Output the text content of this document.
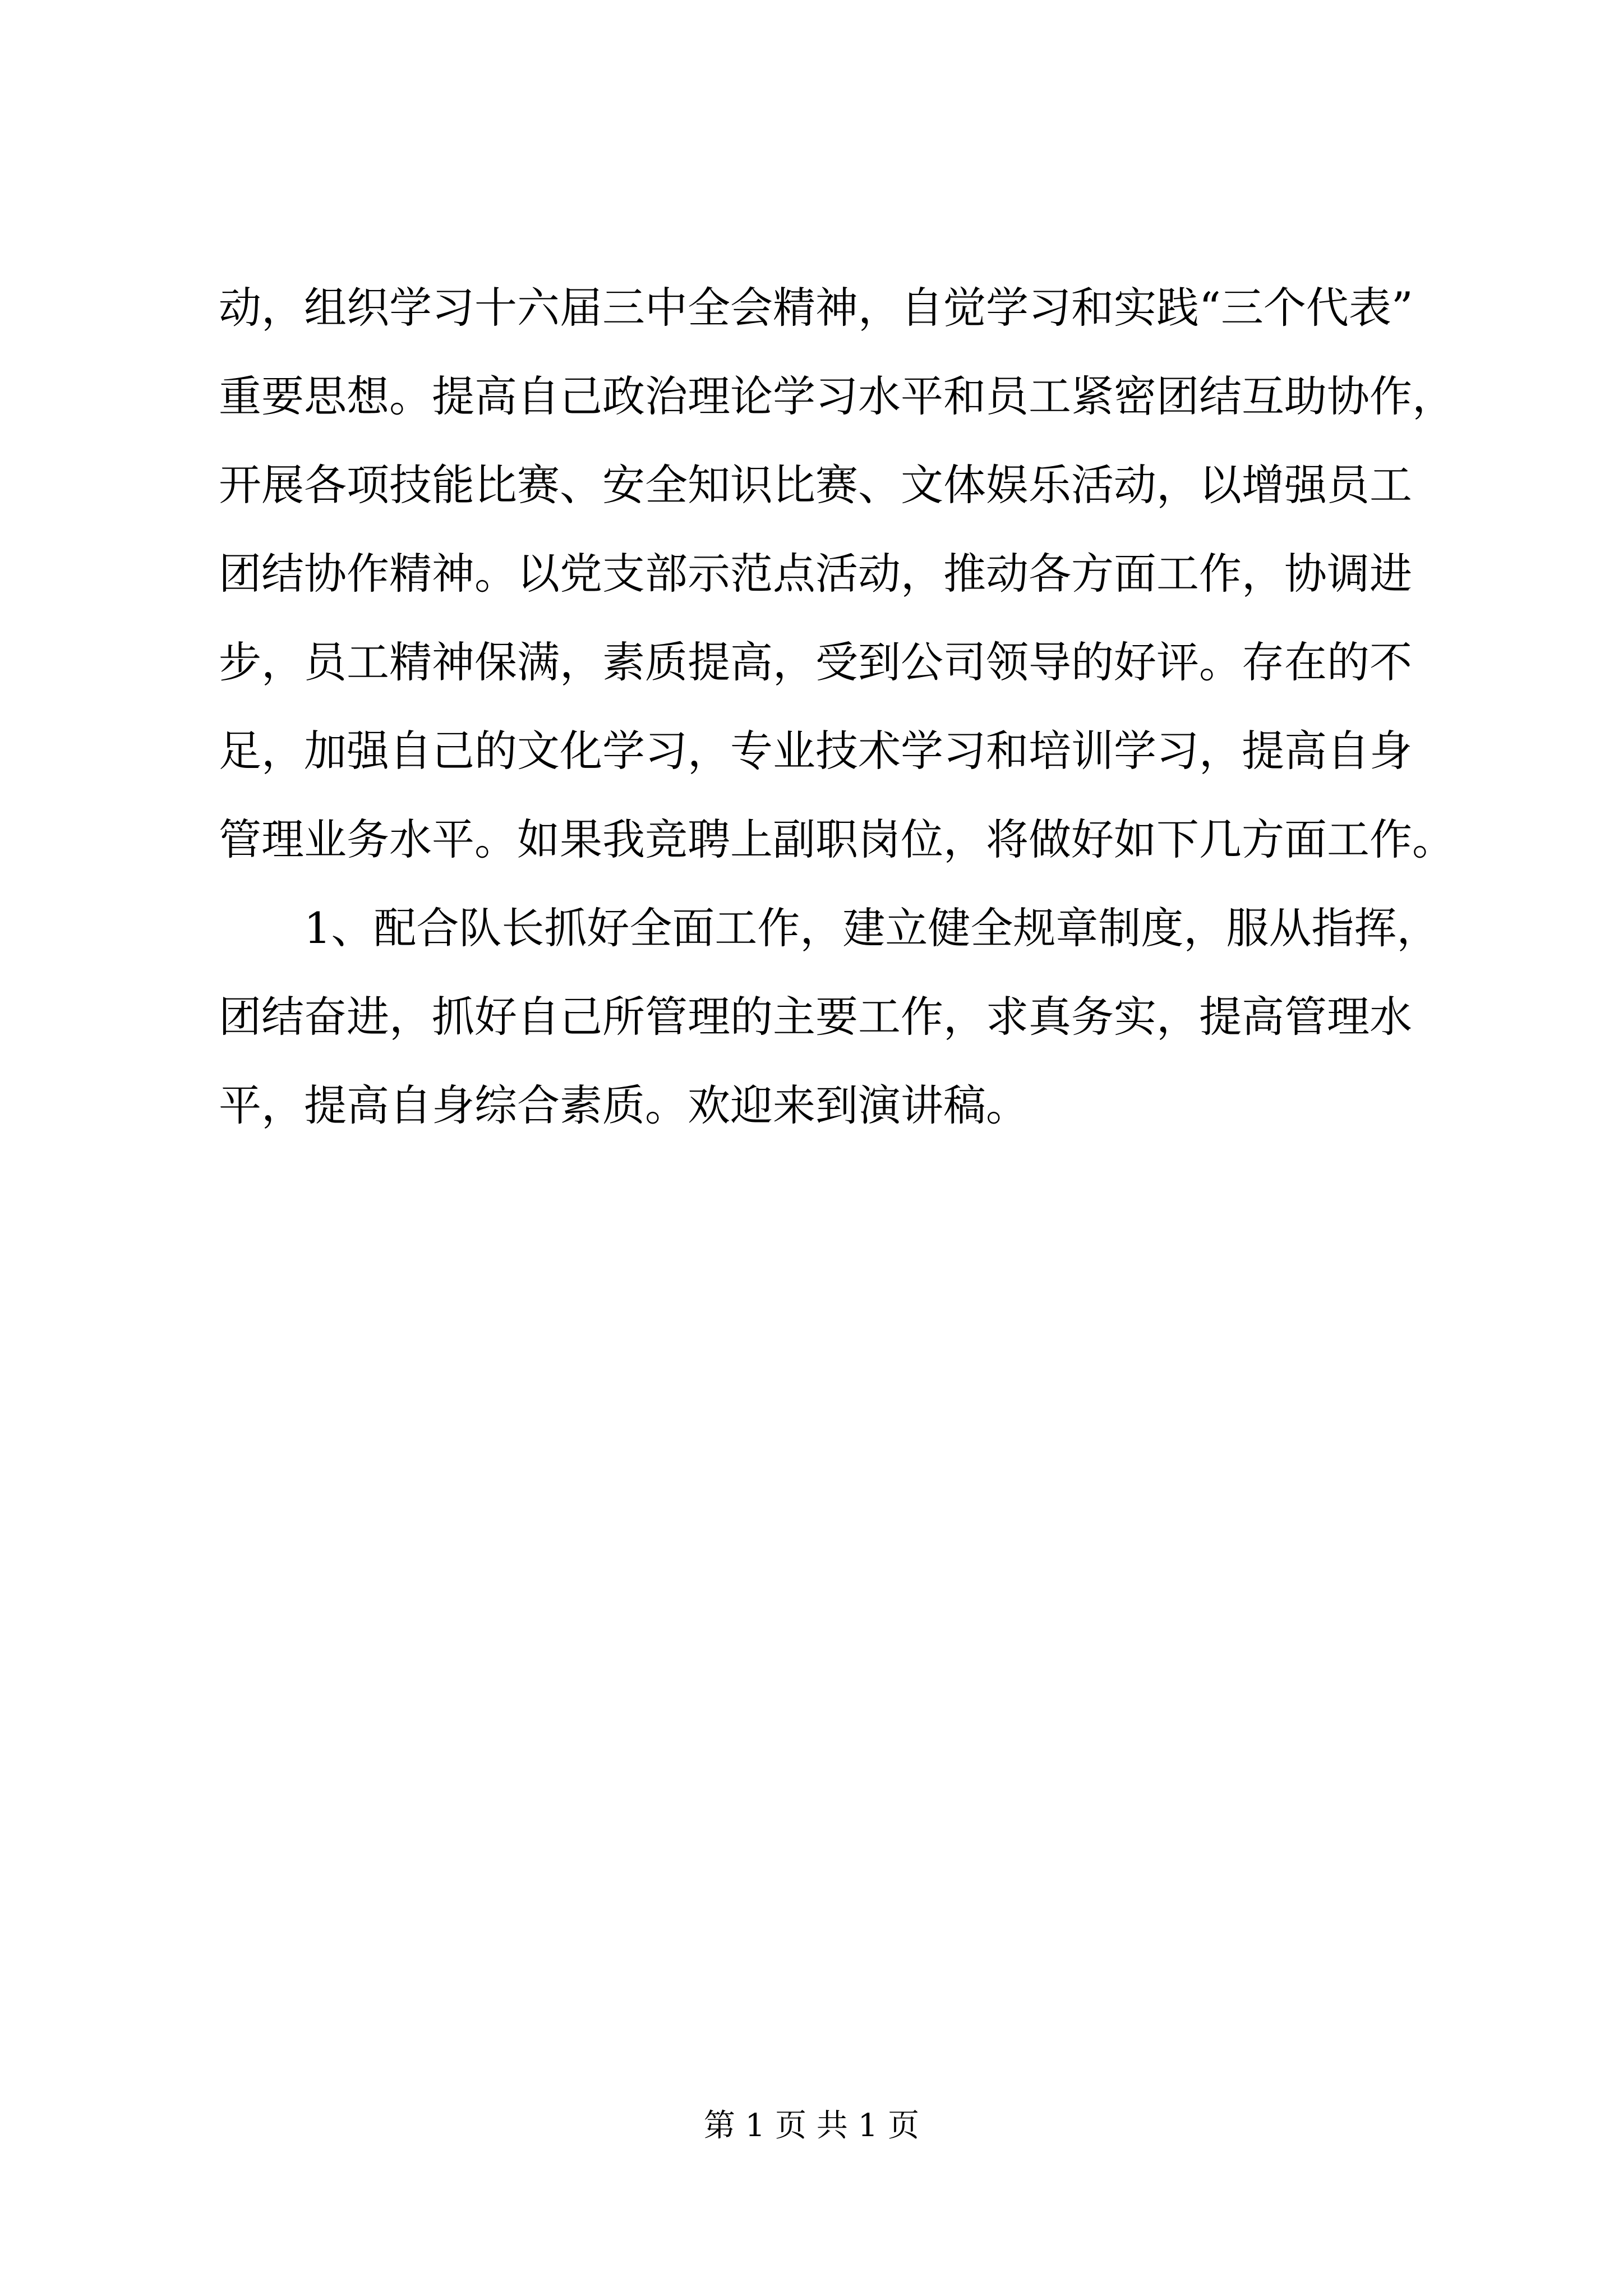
动，组织学习十六届三中全会精神，自觉学习和实践“三个代表”
重要思想。提高自己政治理论学习水平和员工紧密团结互助协作，
开展各项技能比赛、安全知识比赛、文体娱乐活动，以增强员工
团结协作精神。以党支部示范点活动，推动各方面工作，协调进
步，员工精神保满，素质提高，受到公司领导的好评。存在的不
足，加强自己的文化学习，专业技术学习和培训学习，提高自身
管理业务水平。如果我竞聘上副职岗位，将做好如下几方面工作。
1、配合队长抓好全面工作，建立健全规章制度，服从指挥，
团结奋进，抓好自己所管理的主要工作，求真务实，提高管理水
平，提高自身综合素质。欢迎来到演讲稿。
第 1 页 共 1 页
